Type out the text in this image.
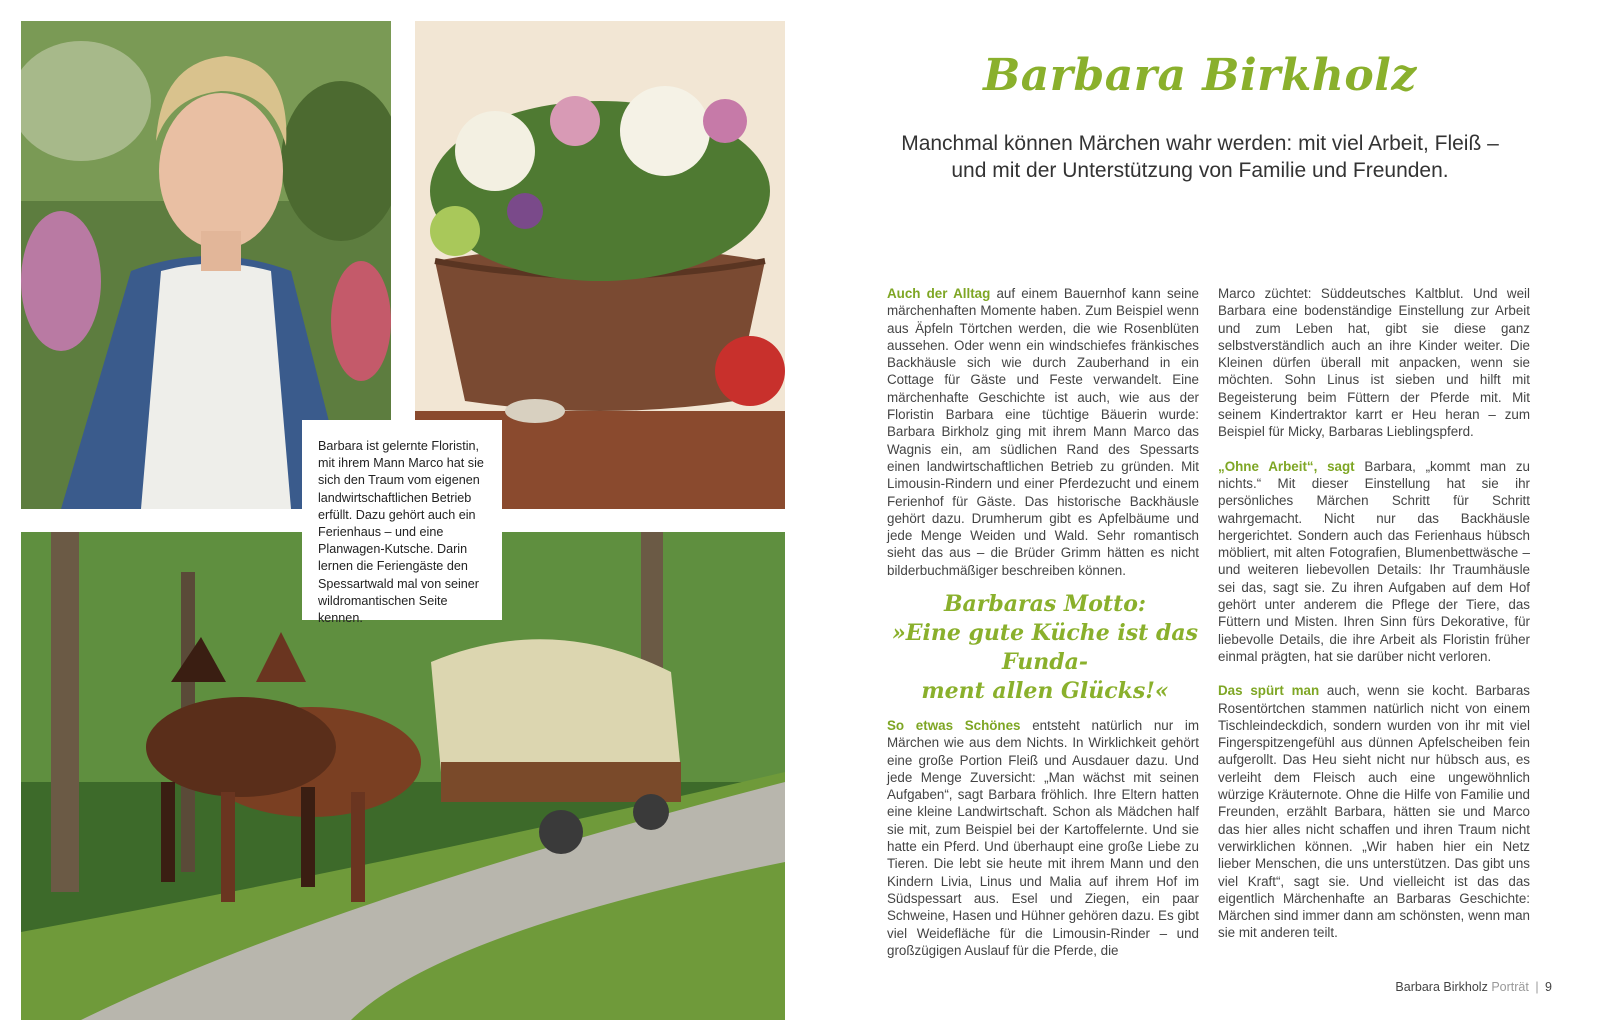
Barbara ist gelernte Floristin, mit ihrem Mann Marco hat sie sich den Traum vom eigenen landwirtschaftlichen Betrieb erfüllt. Dazu gehört auch ein Ferienhaus – und eine Planwagen-Kutsche. Darin lernen die Feriengäste den Spessartwald mal von seiner wildromantischen Seite kennen.
Barbara Birkholz
Manchmal können Märchen wahr werden: mit viel Arbeit, Fleiß –
und mit der Unterstützung von Familie und Freunden.

Auch der Alltag auf einem Bauernhof kann seine märchenhaften Momente haben. Zum Beispiel wenn aus Äpfeln Törtchen werden, die wie Rosenblüten aussehen. Oder wenn ein windschiefes fränkisches Backhäusle sich wie durch Zauberhand in ein Cottage für Gäste und Feste verwandelt. Eine märchenhafte Geschichte ist auch, wie aus der Floristin Barbara eine tüchtige Bäuerin wurde: Barbara Birkholz ging mit ihrem Mann Marco das Wagnis ein, am südlichen Rand des Spessarts einen landwirtschaftlichen Betrieb zu gründen. Mit Limousin-Rindern und einer Pferdezucht und einem Ferienhof für Gäste. Das historische Backhäusle gehört dazu. Drumherum gibt es Apfelbäume und jede Menge Weiden und Wald. Sehr romantisch sieht das aus – die Brüder Grimm hätten es nicht bilderbuchmäßiger beschreiben können.

Barbaras Motto:
»Eine gute Küche ist das Funda-
ment allen Glücks!«

So etwas Schönes entsteht natürlich nur im Märchen wie aus dem Nichts. In Wirklichkeit gehört eine große Portion Fleiß und Ausdauer dazu. Und jede Menge Zuversicht: „Man wächst mit seinen Aufgaben“, sagt Barbara fröhlich. Ihre Eltern hatten eine kleine Landwirtschaft. Schon als Mädchen half sie mit, zum Beispiel bei der Kartoffelernte. Und sie hatte ein Pferd. Und überhaupt eine große Liebe zu Tieren. Die lebt sie heute mit ihrem Mann und den Kindern Livia, Linus und Malia auf ihrem Hof im Südspessart aus. Esel und Ziegen, ein paar Schweine, Hasen und Hühner gehören dazu. Es gibt viel Weidefläche für die Limousin-Rinder – und großzügigen Auslauf für die Pferde, die

Marco züchtet: Süddeutsches Kaltblut. Und weil Barbara eine bodenständige Einstellung zur Arbeit und zum Leben hat, gibt sie diese ganz selbstverständlich auch an ihre Kinder weiter. Die Kleinen dürfen überall mit anpacken, wenn sie möchten. Sohn Linus ist sieben und hilft mit Begeisterung beim Füttern der Pferde mit. Mit seinem Kindertraktor karrt er Heu heran – zum Beispiel für Micky, Barbaras Lieblingspferd.

„Ohne Arbeit“, sagt Barbara, „kommt man zu nichts.“ Mit dieser Einstellung hat sie ihr persönliches Märchen Schritt für Schritt wahrgemacht. Nicht nur das Backhäusle hergerichtet. Sondern auch das Ferienhaus hübsch möbliert, mit alten Fotografien, Blumenbettwäsche – und weiteren liebevollen Details: Ihr Traumhäusle sei das, sagt sie. Zu ihren Aufgaben auf dem Hof gehört unter anderem die Pflege der Tiere, das Füttern und Misten. Ihren Sinn fürs Dekorative, für liebevolle Details, die ihre Arbeit als Floristin früher einmal prägten, hat sie darüber nicht verloren.

Das spürt man auch, wenn sie kocht. Barbaras Rosentörtchen stammen natürlich nicht von einem Tischleindeckdich, sondern wurden von ihr mit viel Fingerspitzengefühl aus dünnen Apfelscheiben fein aufgerollt. Das Heu sieht nicht nur hübsch aus, es verleiht dem Fleisch auch eine ungewöhnlich würzige Kräuternote. Ohne die Hilfe von Familie und Freunden, erzählt Barbara, hätten sie und Marco das hier alles nicht schaffen und ihren Traum nicht verwirklichen können. „Wir haben hier ein Netz lieber Menschen, die uns unterstützen. Das gibt uns viel Kraft“, sagt sie. Und vielleicht ist das das eigentlich Märchenhafte an Barbaras Geschichte: Märchen sind immer dann am schönsten, wenn man sie mit anderen teilt.

Barbara Birkholz Porträt | 9
